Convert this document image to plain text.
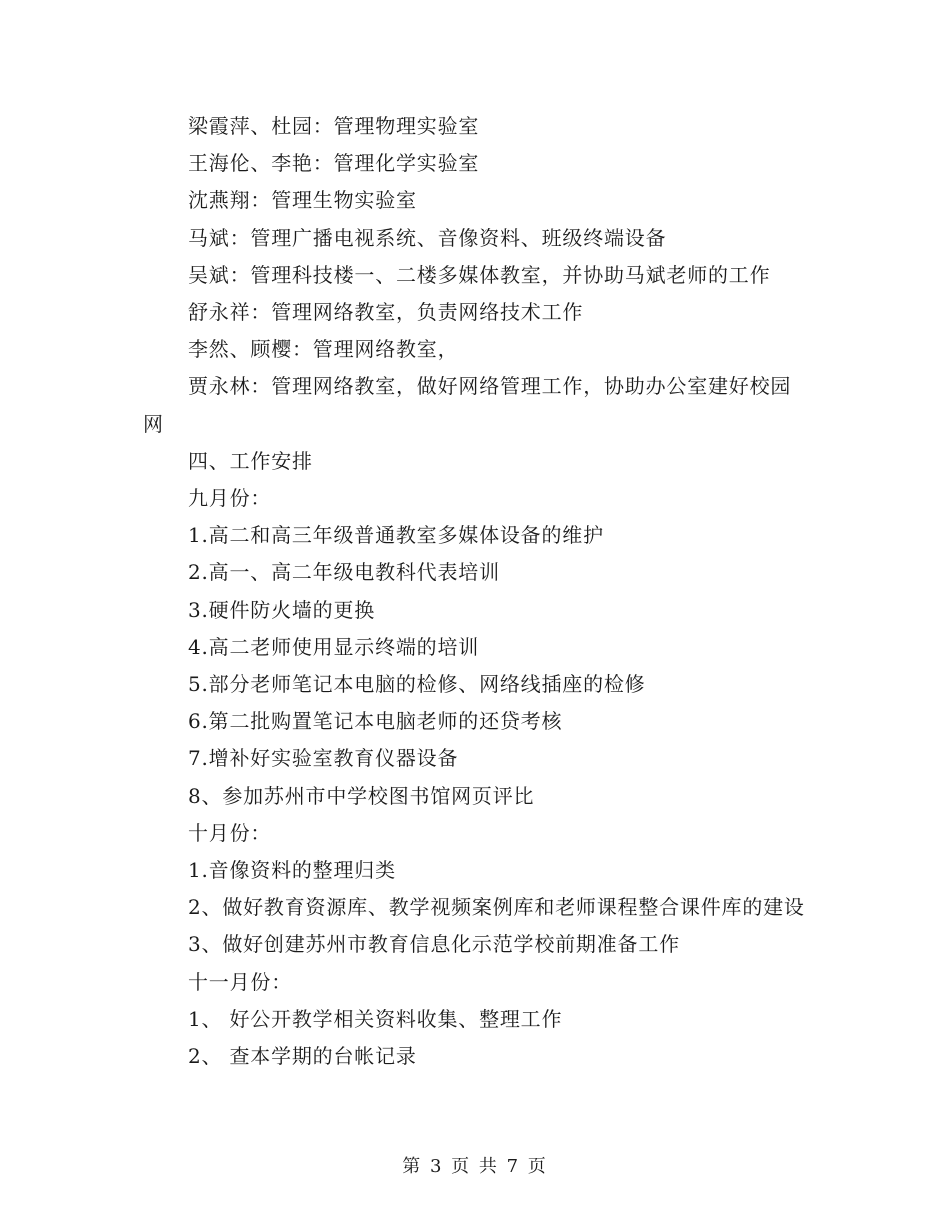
梁霞萍、杜园：管理物理实验室

王海伦、李艳：管理化学实验室

沈燕翔：管理生物实验室

马斌：管理广播电视系统、音像资料、班级终端设备

吴斌：管理科技楼一、二楼多媒体教室，并协助马斌老师的工作

舒永祥：管理网络教室，负责网络技术工作

李然、顾樱：管理网络教室，

贾永林：管理网络教室，做好网络管理工作，协助办公室建好校园网

四、工作安排

九月份：

1.高二和高三年级普通教室多媒体设备的维护

2.高一、高二年级电教科代表培训

3.硬件防火墙的更换

4.高二老师使用显示终端的培训

5.部分老师笔记本电脑的检修、网络线插座的检修

6.第二批购置笔记本电脑老师的还贷考核

7.增补好实验室教育仪器设备

8、参加苏州市中学校图书馆网页评比

十月份：

1.音像资料的整理归类

2、做好教育资源库、教学视频案例库和老师课程整合课件库的建设

3、做好创建苏州市教育信息化示范学校前期准备工作

十一月份：

1、 好公开教学相关资料收集、整理工作

2、 查本学期的台帐记录

第 3 页 共 7 页
